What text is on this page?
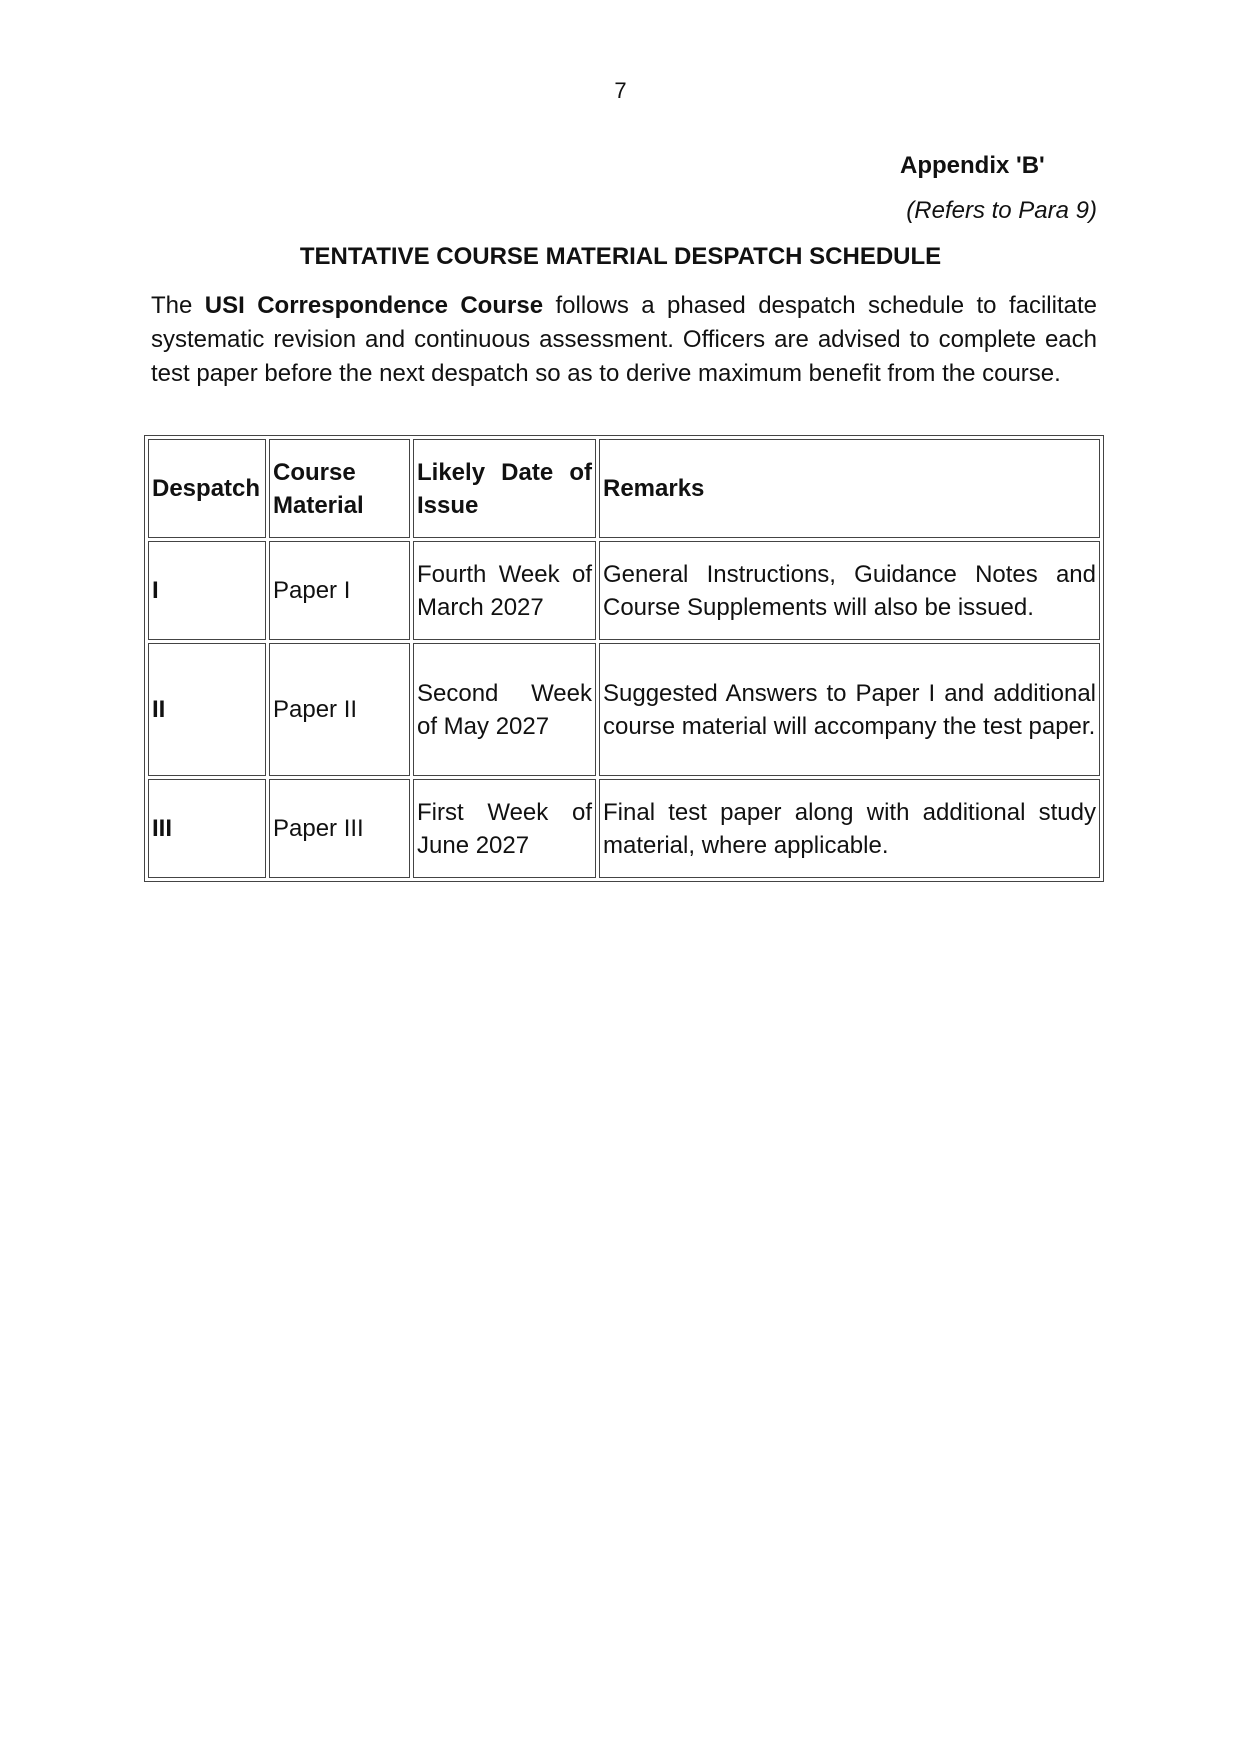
7
Appendix 'B'
(Refers to Para 9)
TENTATIVE COURSE MATERIAL DESPATCH SCHEDULE
The USI Correspondence Course follows a phased despatch schedule to facilitate systematic revision and continuous assessment. Officers are advised to complete each test paper before the next despatch so as to derive maximum benefit from the course.
Despatch	Course Material	Likely Date of Issue	Remarks
I	Paper I	Fourth Week of March 2027	General Instructions, Guidance Notes and Course Supplements will also be issued.
II	Paper II	Second Week of May 2027	Suggested Answers to Paper I and additional course material will accompany the test paper.
III	Paper III	First Week of June 2027	Final test paper along with additional study material, where applicable.
